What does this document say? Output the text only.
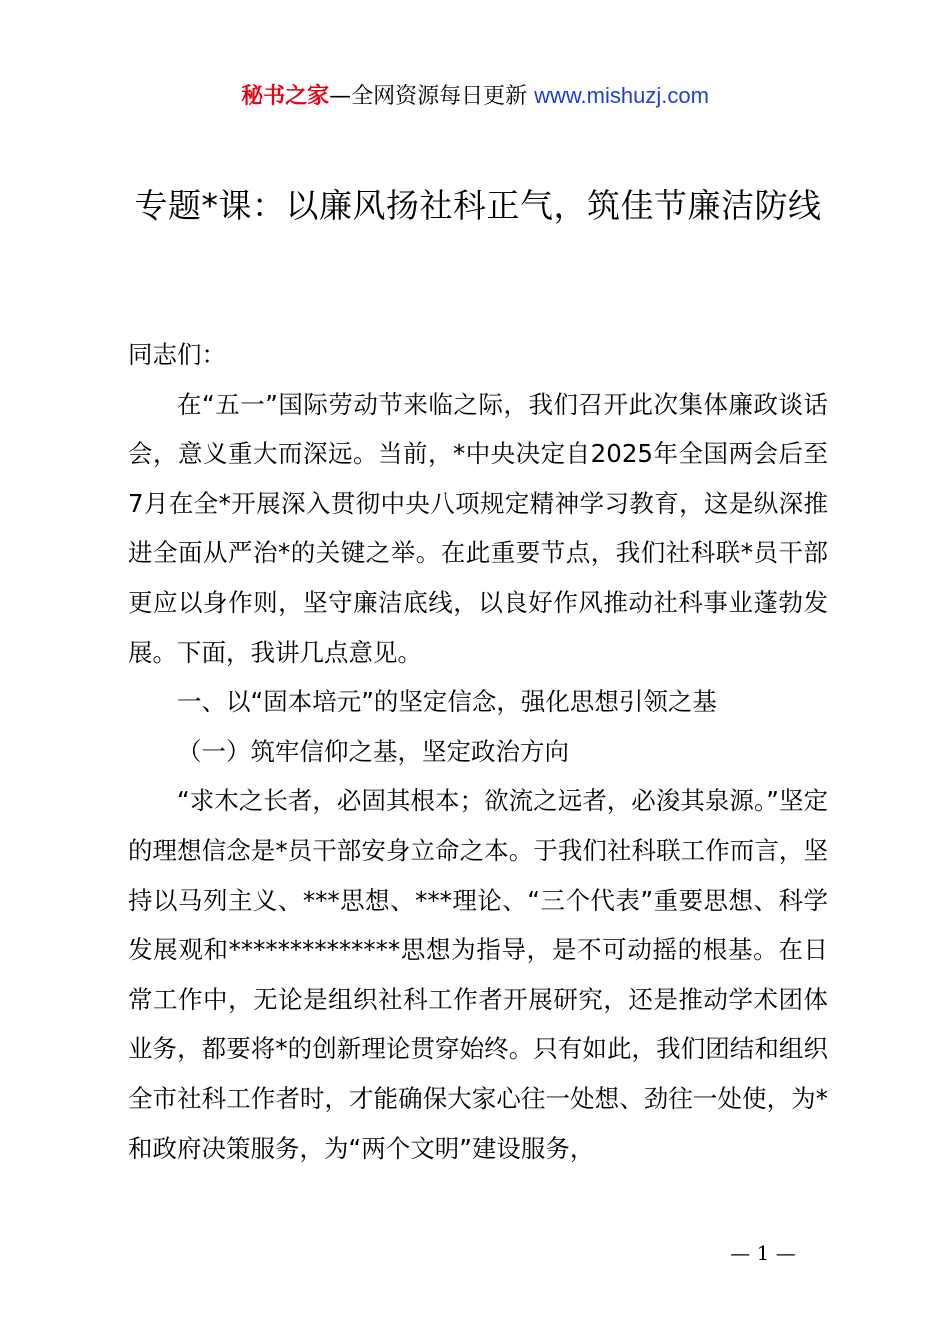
秘书之家—全网资源每日更新 www.mishuzj.com
专题*课：以廉风扬社科正气，筑佳节廉洁防线

同志们：

在“五一”国际劳动节来临之际，我们召开此次集体廉政谈话会，意义重大而深远。当前，*中央决定自2025年全国两会后至7月在全*开展深入贯彻中央八项规定精神学习教育，这是纵深推进全面从严治*的关键之举。在此重要节点，我们社科联*员干部更应以身作则，坚守廉洁底线，以良好作风推动社科事业蓬勃发展。下面，我讲几点意见。

一、以“固本培元”的坚定信念，强化思想引领之基

（一）筑牢信仰之基，坚定政治方向

“求木之长者，必固其根本；欲流之远者，必浚其泉源。”坚定的理想信念是*员干部安身立命之本。于我们社科联工作而言，坚持以马列主义、***思想、***理论、“三个代表”重要思想、科学发展观和**************思想为指导，是不可动摇的根基。在日常工作中，无论是组织社科工作者开展研究，还是推动学术团体业务，都要将*的创新理论贯穿始终。只有如此，我们团结和组织全市社科工作者时，才能确保大家心往一处想、劲往一处使，为*和政府决策服务，为“两个文明”建设服务，

— 1 —
